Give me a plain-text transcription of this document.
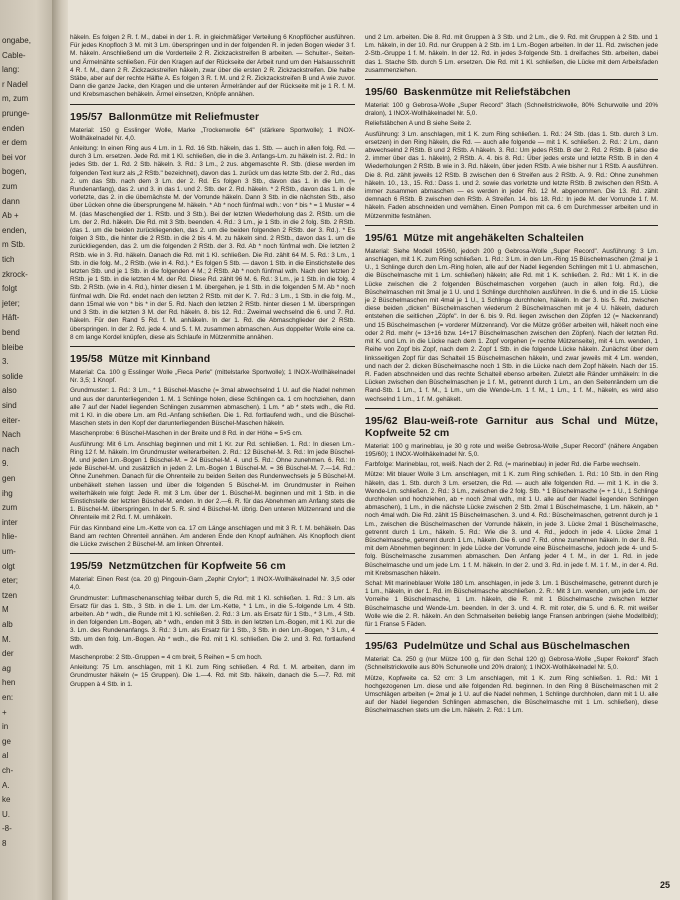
ongabe,
Cable-
lang:
r Nadel
m, zum
prunge-
enden
er dem
bei vor
bogen,
zum
dann
Ab +
enden,
m Stb.
tich
zkrock-
folgt
jeter;
Häft-
bend
bleibe
3.
solide
also
sind
eiter-
Nach
nach
9.
gen
ihg
zum
inter
hlie-
um-
olgt
eter;
tzen
M
alb
M.
der
ag
hen
en:
+
in
ge
al
ch-
A.
ke
U.
-8-
8

häkeln. Es folgen 2 R. f. M., dabei in der 1. R. in gleichmäßiger Verteilung 6 Knopflöcher ausführen. Für jedes Knopfloch 3 M. mit 3 Lm. überspringen und in der folgenden R. in jeden Bogen wieder 3 f. M. häkeln. Anschließend um die Vorderteile 2 R. Zickzackstreifen B arbeiten. — Schulter-, Seiten- und Ärmelnähte schließen. Für den Kragen auf der Rückseite der Arbeit rund um den Halsausschnitt 4 R. f. M., dann 2 R. Zickzackstreifen häkeln, zwar über die ersten 2 R. Zickzackstreifen. Die halbe Stäbe, aber auf der rechte Hälfte A. Es folgen 3 R. f. M. und 2 R. Zickzackstreifen B und A wie zuvor. Dann die ganze Jacke, den Kragen und die unteren Ärmelränder auf der Rückseite mit je 1 R. f. M. und Krebsmaschen behäkeln. Ärmel einsetzen, Knöpfe annähen.

195/57 Ballonmütze mit Reliefmuster

Material: 150 g Esslinger Wolle, Marke „Trockenwolle 64" (stärkere Sportwolle); 1 INOX-Wollhäkelnadel Nr. 4,0.

Anleitung: In einen Ring aus 4 Lm. in 1. Rd. 16 Stb. häkeln, das 1. Stb. — auch in allen folg. Rd. — durch 3 Lm. ersetzen. Jede Rd. mit 1 Kl. schließen, die in die 3. Anfangs-Lm. zu häkeln ist. 2. Rd.: In jedes Stb. der 1. Rd. 2 Stb. häkeln. 3. Rd.: 3 Lm., 2 zus. abgemaschte R. Stb. (diese werden im folgenden Text kurz als „2 RStb." bezeichnet), davon das 1. zurück um das letzte Stb. der 2. Rd., das 2. um das Stb. nach dem 3 Lm. der 2. Rd. Es folgen 3 Stb., davon das 1. in die Lm. (= Rundenanfang), das 2. und 3. in das 1. und 2. Stb. der 2. Rd. häkeln. * 2 RStb., davon das 1. in die vorletzte, das 2. in die übernächste M. der Vorrunde häkeln. Dann 3 Stb. in die nächsten Stb., also über Lücken ohne die übersprungene M. häkeln. * Ab * noch fünfmal wdh.: von * bis * = 1 Muster = 4 M. (das Maschenglied der 1. RStb. und 3 Stb.). Bei der letzten Wiederholung das 2. RStb. um die Lm. der 2. Rd. häkeln. Die Rd. mit 3 Stb. beenden. 4. Rd.: 3 Lm., je 1 Stb. in die 2 folg. Stb. 2 RStb. (das 1. um die beiden zurückliegenden, das 2. um die beiden folgenden 2 RStb. der 3. Rd.). * Es folgen 3 Stb., die hinter die 2 RStb. in die 2 bis 4. M. zu häkeln sind. 2 RStb., davon das 1. um die zurückliegenden, das 2. um die folgenden 2 RStb. der 3. Rd. Ab * noch fünfmal wdh. Die letzten 2 RStb. wie in 3. Rd. häkeln. Danach die Rd. mit 1 Kl. schließen. Die Rd. zählt 64 M. 5. Rd.: 3 Lm., 1 Stb. in die folg. M., 2 RStb. (wie in 4. Rd.). * Es folgen 5 Stb. — davon 1 Stb. in die Einstichstelle des letzten Stb. und je 1 Stb. in die folgenden 4 M.; 2 RStb. Ab * noch fünfmal wdh. Nach den letzten 2 RStb. je 1 Stb. in die letzten 4 M. der Rd. Diese Rd. zählt 96 M. 6. Rd.: 3 Lm., je 1 Stb. in die folg. 4 Stb. 2 RStb. (wie in 4. Rd.), hinter diesen 1 M. übergehen, je 1 Stb. in die folgenden 5 M. Ab * noch fünfmal wdh. Die Rd. endet nach den letzten 2 RStb. mit der K. 7. Rd.: 3 Lm., 1 Stb. in die folg. M., dann 15mal wie von * bis * in der 5. Rd. Nach den letzten 2 RStb. hinter diesen 1 M. überspringen und 3 Stb. in die letzten 3 M. der Rd. häkeln. 8. bis 12. Rd.: Zweimal wechselnd die 6. und 7. Rd. häkeln. Für den Rand 5 Rd. f. M. anhäkeln. In der 1. Rd. die Abmaschglieder der 2 RStb. überspringen. In der 2. Rd. jede 4. und 5. f. M. zusammen abmaschen. Aus doppelter Wolle eine ca. 8 cm lange Kordel knüpfen, diese als Schlaufe in Mützenmitte annähen.

195/58 Mütze mit Kinnband

Material: Ca. 100 g Esslinger Wolle „Fleca Perle" (mittelstarke Sportwolle); 1 INOX-Wollhäkelnadel Nr. 3,5; 1 Knopf.

Grundmuster: 1. Rd.: 3 Lm., * 1 Büschel-Masche (= 3mal abwechselnd 1 U. auf die Nadel nehmen und aus der darunterliegenden 1. M. 1 Schlinge holen, diese Schlingen ca. 1 cm hochziehen, dann alle 7 auf der Nadel liegenden Schlingen zusammen abmaschen). 1 Lm. * ab * stets wdh., die Rd. mit 1 Kl. in die obere Lm. am Rd.-Anfang schließen. Die 1. Rd. fortlaufend wdh., und die Büschel-Maschen stets in den Kopf der darunterliegenden Büschel-Maschen häkeln.

Maschenprobe: 6 Büschel-Maschen in der Breite und 8 Rd. in der Höhe = 5×5 cm.

Ausführung: Mit 6 Lm. Anschlag beginnen und mit 1 Kr. zur Rd. schließen. 1. Rd.: In diesen Lm.-Ring 12 f. M. häkeln. Im Grundmuster weiterarbeiten. 2. Rd.: 12 Büschel-M. 3. Rd.: Im jede Büschel-M. und jeden Lm.-Bogen 1 Büschel-M. = 24 Büschel-M. 4. und 5. Rd.: Ohne zunehmen. 6. Rd.: In jede Büschel-M. und zusätzlich in jeden 2. Lm.-Bogen 1 Büschel-M. = 36 Büschel-M. 7.—14. Rd.: Ohne Zunehmen. Danach für die Ohrenteile zu beiden Seiten des Rundenwechsels je 5 Büschel-M. unbehäkelt stehen lassen und über die folgenden 5 Büschel-M. im Grundmuster in Reihen weiterhäkeln wie folgt: Jede R. mit 3 Lm. über der 1. Büschel-M. beginnen und mit 1 Stb. in die Einstichstelle der letzten Büschel-M. enden. In der 2.—6. R. für das Abnehmen am Anfang stets die 1. Büschel-M. überspringen. In der 5. R. sind 4 Büschel-M. übrig. Den unteren Mützenrand und die Ohrenteile mit 2 Rd. f. M. umhäkeln.

Für das Kinnband eine Lm.-Kette von ca. 17 cm Länge anschlagen und mit 3 R. f. M. behäkeln. Das Band am rechten Ohrenteil annähen. Am anderen Ende den Knopf aufnähen. Als Knopfloch dient die Lücke zwischen 2 Büschel-M. am linken Ohrenteil.

195/59 Netzmützchen für Kopfweite 56 cm

Material: Einen Rest (ca. 20 g) Pingouin-Garn „Zephir Crylor"; 1 INOX-Wollhäkelnadel Nr. 3,5 oder 4,0.

Grundmuster: Luftmaschenanschlag teilbar durch 5, die Rd. mit 1 Kl. schließen. 1. Rd.: 3 Lm. als Ersatz für das 1. Stb., 3 Stb. in die 1. Lm. der Lm.-Kette, * 1 Lm., in die 5.-folgende Lm. 4 Stb. arbeiten. Ab * wdh., die Runde mit 1 Kl. schließen. 2. Rd.: 3 Lm. als Ersatz für 1 Stb., * 3 Lm., 4 Stb. in den folgenden Lm.-Bogen, ab * wdh., enden mit 3 Stb. in den letzten Lm.-Bogen, mit 1 Kl. zur die 3. Lm. des Rundenanfangs. 3. Rd.: 3 Lm. als Ersatz für 1 Stb., 3 Stb. in den Lm.-Bogen, * 3 Lm., 4 Stb. um den folg. Lm.-Bogen. Ab * wdh., die Rd. mit 1 Kl. schließen. Die 2. und 3. Rd. fortlaufend wdh.

Maschenprobe: 2 Stb.-Gruppen = 4 cm breit, 5 Reihen = 5 cm hoch.

Anleitung: 75 Lm. anschlagen, mit 1 Kl. zum Ring schließen. 4 Rd. f. M. arbeiten, dann im Grundmuster häkeln (= 15 Gruppen). Die 1.—4. Rd. mit Stb. häkeln, danach die 5.—7. Rd. mit Gruppen à 4 Stb. in 1.

und 2 Lm. arbeiten. Die 8. Rd. mit Gruppen à 3 Stb. und 2 Lm., die 9. Rd. mit Gruppen à 2 Stb. und 1 Lm. häkeln, in der 10. Rd. nur Gruppen à 2 Stb. im 1 Lm.-Bogen arbeiten. In der 11. Rd. zwischen jede 2-Stb.-Gruppe 1 f. M. häkeln. In der 12. Rd. in jedes 3-folgende Stb. 1 dreifaches Stb. arbeiten, dabei das 1. Stache Stb. durch 5 Lm. ersetzen. Die Rd. mit 1 Kl. schließen, die Lücke mit dem Arbeitsfaden zusammenziehen.

195/60 Baskenmütze mit Reliefstäbchen

Material: 100 g Gebrosa-Wolle „Super Record" 3fach (Schnellstrickwolle, 80% Schurwolle und 20% dralon), 1 INOX-Wollhäkelnadel Nr. 5,0.

Reliefstäbchen A und B siehe Seite 2.

Ausführung: 3 Lm. anschlagen, mit 1 K. zum Ring schließen. 1. Rd.: 24 Stb. (das 1. Stb. durch 3 Lm. ersetzen) in den Ring häkeln, die Rd. — auch alle folgende — mit 1 K. schließen. 2. Rd.: 2 Lm., dann abwechselnd 2 RStb. B und 2 RStb. A häkeln. 3. Rd.: Um jedes RStb. B der 2. Rd. 2 RStb. B (also die 2. immer über das 1. häkeln), 2 RStb. A. 4. bis 8. Rd.: Über jedes erste und letzte RStb. B in den 4 Wiederholungen 2 RStb. B wie in 3. Rd. häkeln, über jeden RStb. A wie bisher nur 1 RStb. A ausführen. Die 8. Rd. zählt jeweils 12 RStb. B zwischen den 6 Streifen aus 2 RStb. A. 9. Rd.: Ohne zunehmen häkeln. 10., 13., 15. Rd.: Dass 1. und 2. sowie das vorletzte und letzte RStb. B zwischen den RStb. A immer zusammen abmaschen — es werden in jeder Rd. 12 M. abgenommen. Die 13. Rd. zählt demnach 6 RStb. B zwischen den RStb. A Streifen. 14. bis 18. Rd.: In jede M. der Vorrunde 1 f. M. häkeln. Faden abschneiden und vernähen. Einen Pompon mit ca. 6 cm Durchmesser arbeiten und in Mützenmitte festnähen.

195/61 Mütze mit angehäkelten Schalteilen

Material: Siehe Modell 195/60, jedoch 200 g Gebrosa-Wolle „Super Record". Ausführung: 3 Lm. anschlagen, mit 1 K. zum Ring schließen. 1. Rd.: 3 Lm. in den Lm.-Ring 15 Büschelmaschen (2mal je 1 U., 1 Schlinge durch den Lm.-Ring holen, alle auf der Nadel liegenden Schlingen mit 1 U. abmaschen, die Büschelmasche mit 1 Lm. schließen) häkeln; alle Rd. mit 1 K. schließen. 2. Rd.: Mit 1 K. in die Lücke zwischen die 2 folgenden Büschelmaschen vorgehen (auch in allen folg. Rd.), die Büschelmaschen mit 3mal je 1 U. und 1 Schlinge durchholen ausführen. In die 6. und in die 15. Lücke je 2 Büschelmaschen mit 4mal je 1 U., 1 Schlinge durchholen, häkeln. In der 3. bis 5. Rd. zwischen diese beiden „dicken" Büschelmaschen wiederum 2 Büschelmaschen mit je 4 U. häkeln, dadurch entstehen die seitlichen „Zöpfe". In der 6. bis 9. Rd. liegen zwischen den Zöpfen 12 (= Nackenrand) und 15 Büschelmaschen (= vorderer Mützenrand). Vor die Mütze größer arbeiten will, häkelt noch eine oder 2 Rd. mehr (= 13+16 bzw. 14+17 Büschelmaschen zwischen den Zöpfen). Nach der letzten Rd. mit K. und Lm. in die Lücke nach dem 1. Zopf vorgehen (= rechte Mützenseite), mit 4 Lm. wenden, 1 Reihe von Zopf bis Zopf, nach dem 2. Zopf 1 Stb. in die folgende Lücke häkeln. Zunächst über dem linksseitigen Zopf für das Schalteil 15 Büschelmaschen häkeln, und zwar jeweils mit 4 Lm. wenden, und nach der 2. dicken Büschelmasche noch 1 Stb. in die Lücke nach dem Zopf häkeln. Nach der 15. R. Faden abschneiden und das rechte Schalteil ebenso arbeiten. Zuletzt alle Ränder umhäkeln: In die Lücken zwischen den Büschelmaschen je 1 f. M., getrennt durch 1 Lm., an den Seitenrändern um die Rand-Stb. 1 Lm., 1 f. M., 1 Lm., um die Wende-Lm. 1 f. M., 1 Lm., 1 f. M., häkeln, es wird also wechselnd 1 Lm., 1 f. M. gehäkelt.

195/62 Blau-weiß-rote Garnitur aus Schal und Mütze, Kopfweite 52 cm

Material: 100 g marineblau, je 30 g rote und weiße Gebrosa-Wolle „Super Record" (nähere Angaben 195/60); 1 INOX-Wollhäkelnadel Nr. 5,0.

Farbfolge: Marineblau, rot, weiß. Nach der 2. Rd. (= marineblau) in jeder Rd. die Farbe wechseln.

Mütze: Mit blauer Wolle 3 Lm. anschlagen, mit 1 K. zum Ring schließen. 1. Rd.: 10 Stb. in den Ring häkeln, das 1. Stb. durch 3 Lm. ersetzen, die Rd. — auch alle folgenden Rd. — mit 1 K. in die 3. Wende-Lm. schließen. 2. Rd.: 3 Lm., zwischen die 2 folg. Stb. * 1 Büschelmasche (= + 1 U., 1 Schlinge durchholen und hochziehen, ab + noch 2mal wdh., mit 1 U. alle auf der Nadel liegenden Schlingen abmaschen), 1 Lm., in die nächste Lücke zwischen 2 Stb. 2mal 1 Büschelmasche, 1 Lm. häkeln, ab * noch 4mal wdh. Die Rd. zählt 15 Büschelmaschen. 3. und 4. Rd.: Büschelmaschen, getrennt durch je 1 Lm., zwischen die Büschelmaschen der Vorrunde häkeln, in jede 3. Lücke 2mal 1 Büschelmasche, getrennt durch 1 Lm., häkeln. 5. Rd.: Wie die 3. und 4. Rd., jedoch in jede 4. Lücke 2mal 1 Büschelmasche, getrennt durch 1 Lm., häkeln. Die 6. und 7. Rd. ohne zunehmen häkeln. In der 8. Rd. mit dem Abnehmen beginnen: In jede Lücke der Vorrunde eine Büschelmasche, jedoch jede 4- und 5-folg. Büschelmasche zusammen abmaschen. Den Anfang jeder 4 f. M., in der 1. Rd. in jede Büschelmasche und um jede Lm. 1 f. M. häkeln. In der 2. und 3. Rd. in jede f. M. 1 f. M., in der 4. Rd. mit Krebsmaschen häkeln.

Schal: Mit marineblauer Wolle 180 Lm. anschlagen, in jede 3. Lm. 1 Büschelmasche, getrennt durch je 1 Lm., häkeln, in der 1. Rd. im Büschelmasche abschließen. 2. R.: Mit 3 Lm. wenden, um jede Lm. der Vorreihe 1 Büschelmasche, 1 Lm. häkeln, die R. mit 1 Büschelmasche zwischen letzter Büschelmasche und Wende-Lm. beenden. In der 3. und 4. R. mit roter, die 5. und 6. R. mit weißer Wolle wie die 2. R. häkeln. An den Schmalseiten beliebig lange Fransen anbringen (siehe Modellbild); für 1 Franse 5 Fäden.

195/63 Pudelmütze und Schal aus Büschelmaschen

Material: Ca. 250 g (nur Mütze 100 g, für den Schal 120 g) Gebrosa-Wolle „Super Rekord" 3fach (Schnellstrickwolle aus 80% Schurwolle und 20% dralon); 1 INOX-Wollhäkelnadel Nr. 5,0.

Mütze, Kopfweite ca. 52 cm: 3 Lm anschlagen, mit 1 K. zum Ring schließen. 1. Rd.: Mit 1 hochgezogenen Lm. diese und alle folgenden Rd. beginnen. In den Ring 8 Büschelmaschen mit 2 Umschlägen arbeiten (= 2mal je 1 U. auf die Nadel nehmen, 1 Schlinge durchholen, dann mit 1 U. alle auf der Nadel liegenden Schlingen abmaschen, die Büschelmasche mit 1 Lm. schließen), diese Büschelmaschen stets um die Lm. häkeln. 2. Rd.: 1 Lm.

25
